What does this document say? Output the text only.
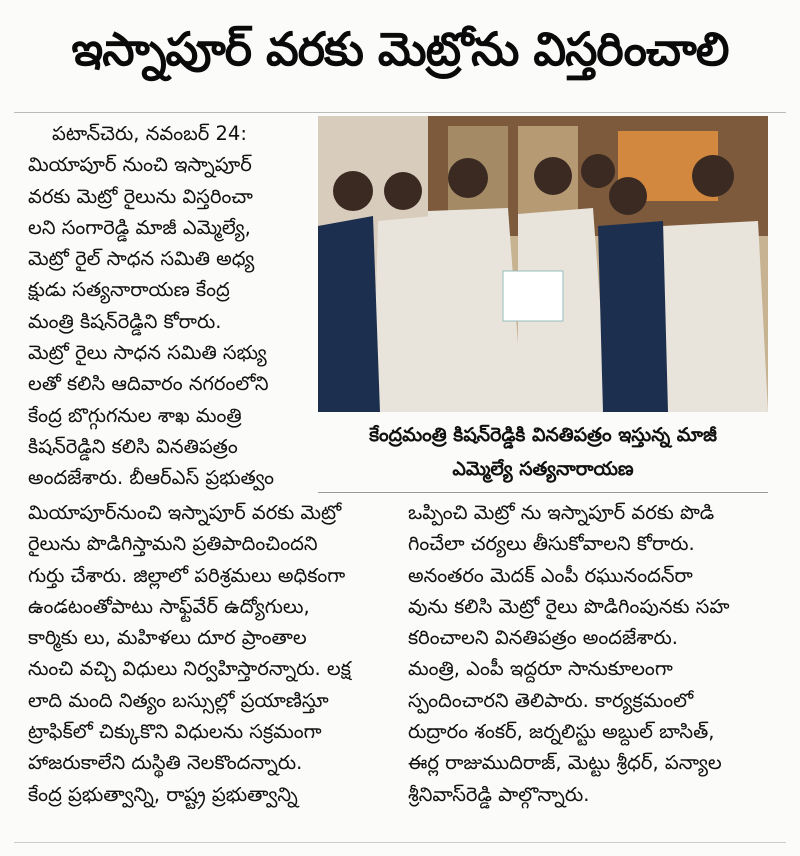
ఇస్నాపూర్ వరకు మెట్రోను విస్తరించాలి
పటాన్‌చెరు, నవంబర్ 24:
మియాపూర్ నుంచి ఇస్నాపూర్
వరకు మెట్రో రైలును విస్తరించా
లని సంగారెడ్డి మాజీ ఎమ్మెల్యే,
మెట్రో రైల్ సాధన సమితి అధ్య
క్షుడు సత్యనారాయణ కేంద్ర
మంత్రి కిషన్‌రెడ్డిని కోరారు.
మెట్రో రైలు సాధన సమితి సభ్యు
లతో కలిసి ఆదివారం నగరంలోని
కేంద్ర బొగ్గుగనుల శాఖ మంత్రి
కిషన్‌రెడ్డిని కలిసి వినతిపత్రం
అందజేశారు. బీఆర్ఎస్ ప్రభుత్వం
కేంద్రమంత్రి కిషన్‌రెడ్డికి వినతిపత్రం ఇస్తున్న మాజీ
ఎమ్మెల్యే సత్యనారాయణ
మియాపూర్‌నుంచి ఇస్నాపూర్ వరకు మెట్రో
రైలును పొడిగిస్తామని ప్రతిపాదించిందని
గుర్తు చేశారు. జిల్లాలో పరిశ్రమలు అధికంగా
ఉండటంతోపాటు సాఫ్ట్‌వేర్ ఉద్యోగులు,
కార్మికు లు, మహిళలు దూర ప్రాంతాల
నుంచి వచ్చి విధులు నిర్వహిస్తారన్నారు. లక్ష
లాది మంది నిత్యం బస్సుల్లో ప్రయాణిస్తూ
ట్రాఫిక్‌లో చిక్కుకొని విధులను సక్రమంగా
హాజరుకాలేని దుస్థితి నెలకొందన్నారు.
కేంద్ర ప్రభుత్వాన్ని, రాష్ట్ర ప్రభుత్వాన్ని
ఒప్పించి మెట్రో ను ఇస్నాపూర్ వరకు పొడి
గించేలా చర్యలు తీసుకోవాలని కోరారు.
అనంతరం మెదక్ ఎంపీ రఘునందన్‌రా
వును కలిసి మెట్రో రైలు పొడిగింపునకు సహ
కరించాలని వినతిపత్రం అందజేశారు.
మంత్రి, ఎంపీ ఇద్దరూ సానుకూలంగా
స్పందించారని తెలిపారు. కార్యక్రమంలో
రుద్రారం శంకర్, జర్నలిస్టు అబ్దుల్ బాసిత్,
ఈర్ల రాజుముదిరాజ్, మెట్టు శ్రీధర్, పన్యాల
శ్రీనివాస్‌రెడ్డి పాల్గొన్నారు.
